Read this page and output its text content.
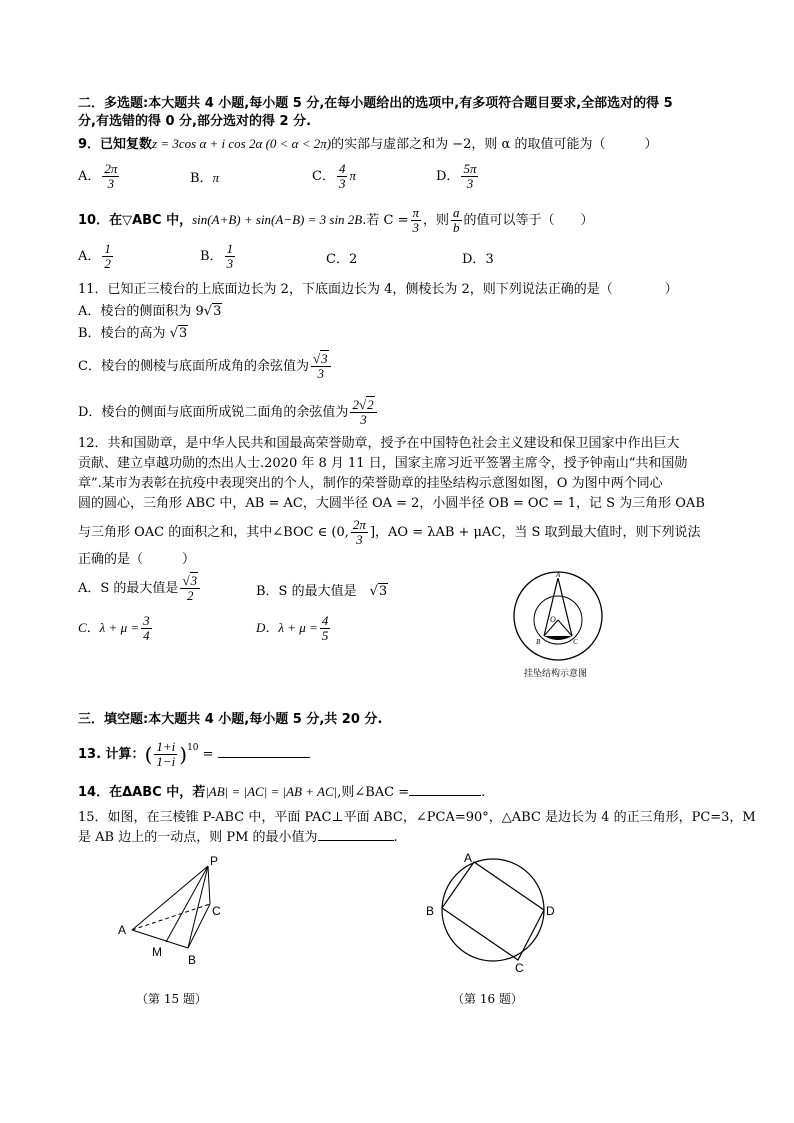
二．多选题:本大题共 4 小题,每小题 5 分,在每小题给出的选项中,有多项符合题目要求,全部选对的得 5
分,有选错的得 0 分,部分选对的得 2 分.
9．已知复数z = 3cos α + i cos 2α (0 < α < 2π)的实部与虚部之和为 −2，则 α 的取值可能为（　　　）
A． $\frac{2\pi}{3}$	B．π	C． $\frac{4}{3}$ π	D． $\frac{5\pi}{3}$
10．在▽ABC 中，sin(A+B) + sin(A−B) = 3 sin 2B.若 $C = \frac{\pi}{3}$ ，则 $\frac{a}{b}$ 的值可以等于（　　）
A． $\frac{1}{2}$	B． $\frac{1}{3}$	C．2	D．3
11．已知正三棱台的上底面边长为 2，下底面边长为 4，侧棱长为 2，则下列说法正确的是（　　　　）
A．棱台的侧面积为 9√3
B．棱台的高为 √3
C．棱台的侧棱与底面所成角的余弦值为 $\frac{√3}{3}$
D．棱台的侧面与底面所成锐二面角的余弦值为 $\frac{2√2}{3}$
12．共和国勋章，是中华人民共和国最高荣誉勋章，授予在中国特色社会主义建设和保卫国家中作出巨大
贡献、建立卓越功勋的杰出人士.2020 年 8 月 11 日，国家主席习近平签署主席令，授予钟南山“共和国勋
章”.某市为表彰在抗疫中表现突出的个人，制作的荣誉勋章的挂坠结构示意图如图，O 为图中两个同心
圆的圆心，三角形 ABC 中，AB = AC，大圆半径 OA = 2，小圆半径 OB = OC = 1，记 S 为三角形 OAB
与三角形 OAC 的面积之和，其中∠BOC ∈ (0, $\frac{2\pi}{3}$ ]，AO = λAB + μAC，当 S 取到最大值时，则下列说法
正确的是（　　　）
A．S 的最大值是 $\frac{√3}{2}$	B．S 的最大值是　√3
C．$\lambda + \mu = \frac{3}{4}$	D．$\lambda + \mu = \frac{4}{5}$
A
O
B	C
挂坠结构示意图
三．填空题:本大题共 4 小题,每小题 5 分,共 20 分.
13. 计算：( $\frac{1+i}{1-i} )^{10}$ =
14．在ΔABC 中，若|AB| = |AC| = |AB + AC|,则∠BAC =	.
15．如图，在三棱锥 P-ABC 中，平面 PAC⊥平面 ABC，∠PCA=90°，△ABC 是边长为 4 的正三角形，PC=3，M
是 AB 边上的一动点，则 PM 的最小值为	.
P
C
A
M
B
（第 15 题）
A
B	D
C
（第 16 题）
